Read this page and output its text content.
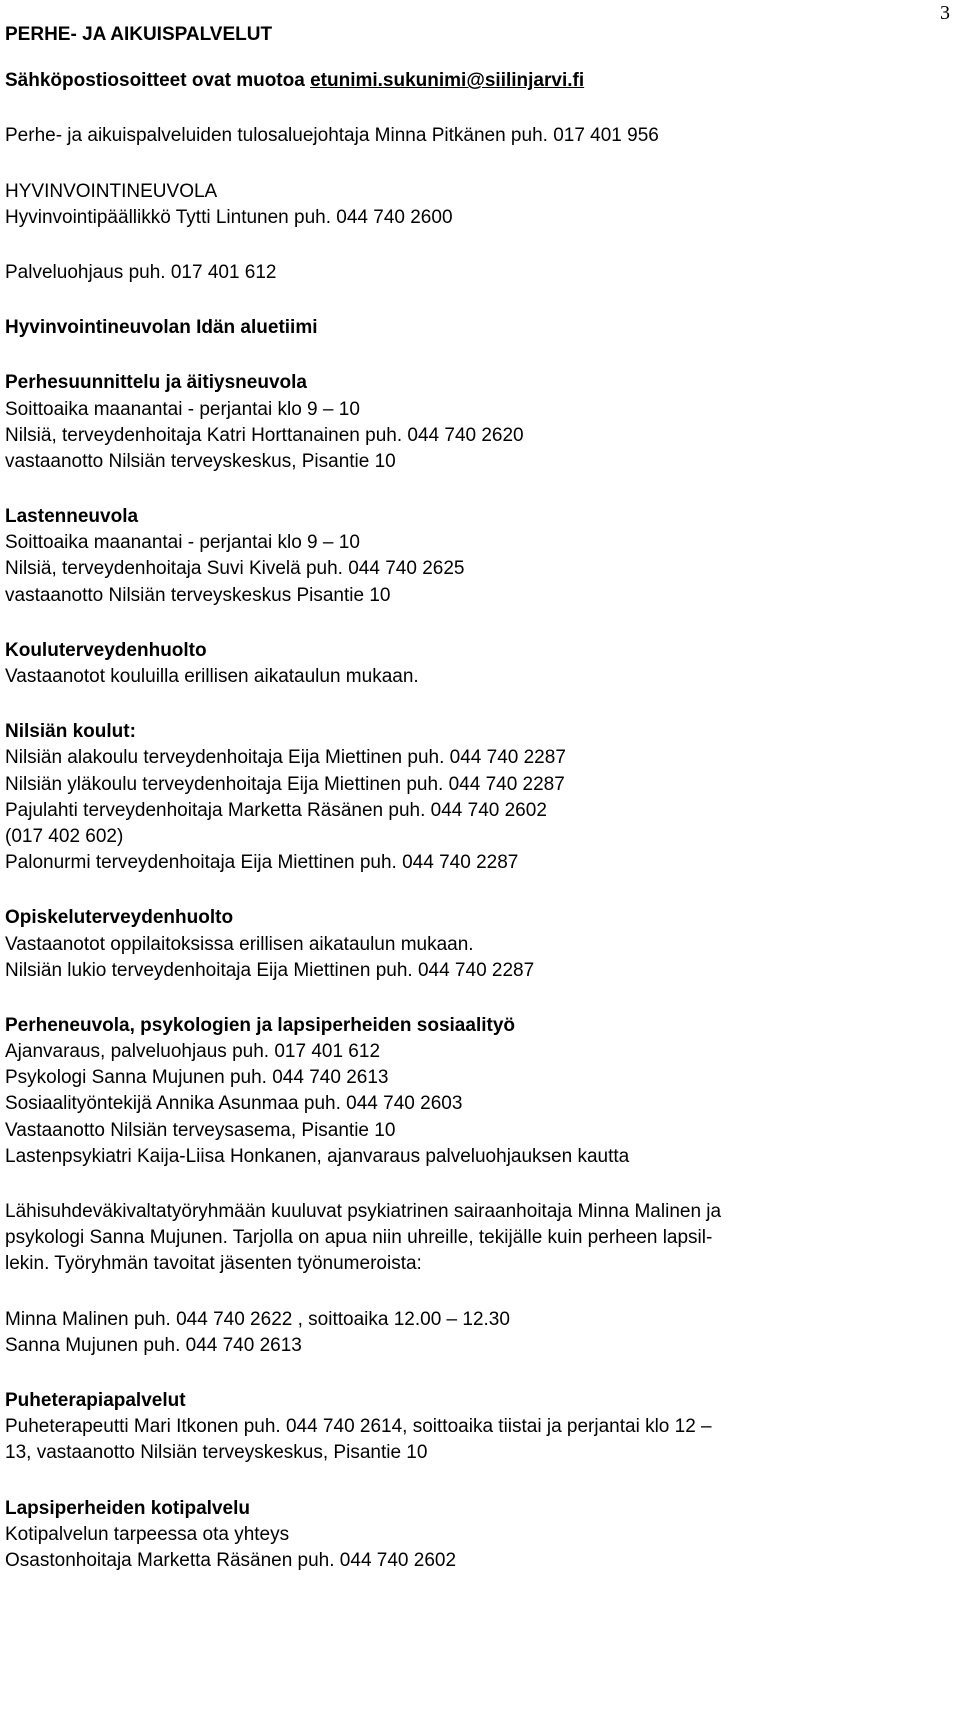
3
PERHE- JA AIKUISPALVELUT
Sähköpostiosoitteet ovat muotoa etunimi.sukunimi@siilinjarvi.fi
Perhe- ja aikuispalveluiden tulosaluejohtaja Minna Pitkänen puh. 017 401 956
HYVINVOINTINEUVOLA
Hyvinvointipäällikkö Tytti Lintunen puh. 044 740 2600
Palveluohjaus puh. 017 401 612
Hyvinvointineuvolan Idän aluetiimi
Perhesuunnittelu ja äitiysneuvola
Soittoaika maanantai - perjantai klo 9 – 10
Nilsiä, terveydenhoitaja Katri Horttanainen puh. 044 740 2620
vastaanotto Nilsiän terveyskeskus, Pisantie 10
Lastenneuvola
Soittoaika maanantai - perjantai klo 9 – 10
Nilsiä, terveydenhoitaja Suvi Kivelä puh. 044 740 2625
vastaanotto Nilsiän terveyskeskus Pisantie 10
Kouluterveydenhuolto
Vastaanotot kouluilla erillisen aikataulun mukaan.
Nilsiän koulut:
Nilsiän alakoulu terveydenhoitaja Eija Miettinen puh. 044 740 2287
Nilsiän yläkoulu terveydenhoitaja Eija Miettinen puh. 044 740 2287
Pajulahti terveydenhoitaja Marketta Räsänen puh. 044 740 2602
(017 402 602)
Palonurmi terveydenhoitaja Eija Miettinen puh. 044 740 2287
Opiskeluterveydenhuolto
Vastaanotot oppilaitoksissa erillisen aikataulun mukaan.
Nilsiän lukio terveydenhoitaja Eija Miettinen puh. 044 740 2287
Perheneuvola, psykologien ja lapsiperheiden sosiaalityö
Ajanvaraus, palveluohjaus puh. 017 401 612
Psykologi Sanna Mujunen puh. 044 740 2613
Sosiaalityöntekijä Annika Asunmaa puh. 044 740 2603
Vastaanotto Nilsiän terveysasema, Pisantie 10
Lastenpsykiatri Kaija-Liisa Honkanen, ajanvaraus palveluohjauksen kautta
Lähisuhdeväkivaltatyöryhmään kuuluvat psykiatrinen sairaanhoitaja Minna Malinen ja
psykologi Sanna Mujunen. Tarjolla on apua niin uhreille, tekijälle kuin perheen lapsil-
lekin. Työryhmän tavoitat jäsenten työnumeroista:
Minna Malinen puh. 044 740 2622 , soittoaika 12.00 – 12.30
Sanna Mujunen puh. 044 740 2613
Puheterapiapalvelut
Puheterapeutti Mari Itkonen puh. 044 740 2614, soittoaika tiistai ja perjantai klo 12 –
13, vastaanotto Nilsiän terveyskeskus, Pisantie 10
Lapsiperheiden kotipalvelu
Kotipalvelun tarpeessa ota yhteys
Osastonhoitaja Marketta Räsänen puh. 044 740 2602
